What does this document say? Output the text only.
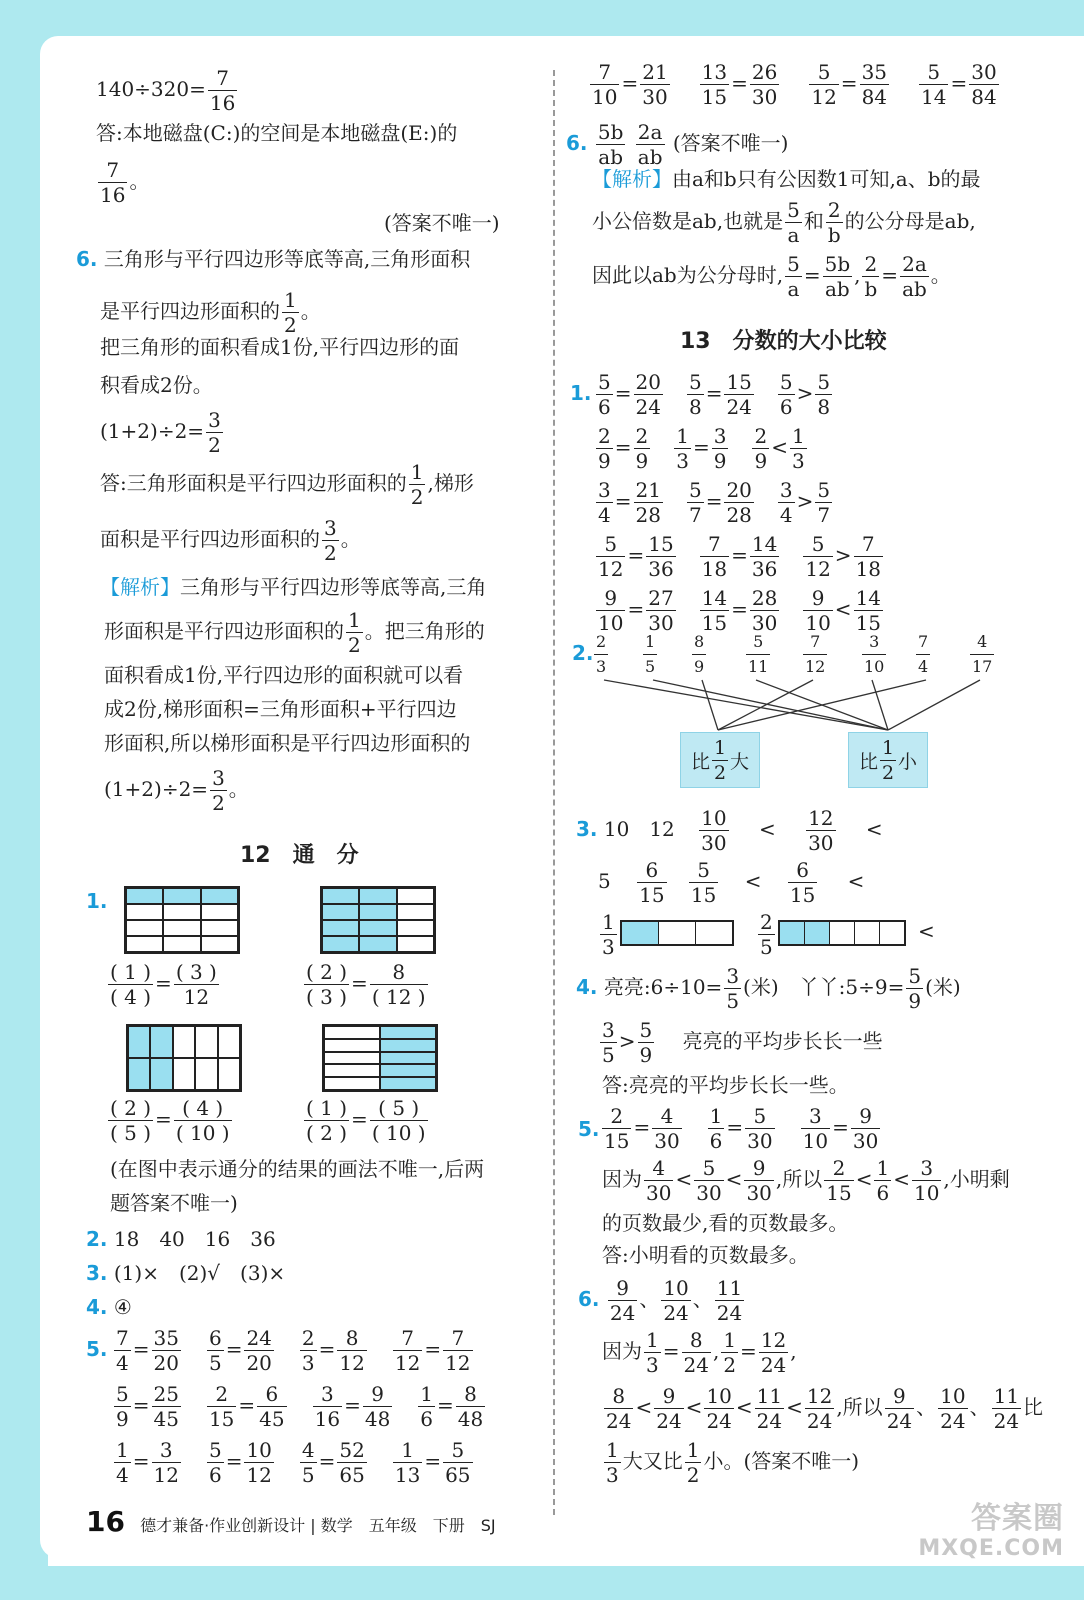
$140\div 320= \frac{7}{16}$
答:本地磁盘(C:)的空间是本地磁盘(E:)的
$\frac{7}{16}$ 。
(答案不唯一)
6. 三角形与平行四边形等底等高,三角形面积
是平行四边形面积的 $\frac{1}{2}$ 。
把三角形的面积看成1份,平行四边形的面
积看成2份。
$(1+2)\div 2= \frac{3}{2}$
答:三角形面积是平行四边形面积的 $\frac{1}{2}$ ,梯形
面积是平行四边形面积的 $\frac{3}{2}$ 。
【解析】三角形与平行四边形等底等高,三角
形面积是平行四边形面积的 $\frac{1}{2}$ 。把三角形的
面积看成1份,平行四边形的面积就可以看
成2份,梯形面积=三角形面积+平行四边
形面积,所以梯形面积是平行四边形面积的
$(1+2)\div 2= \frac{3}{2}$ 。
12　通　分
1.
$\frac{( 1 )}{( 4 )} = \frac{( 3 )}{12}$	$\frac{( 2 )}{( 3 )} = \frac{8}{( 12 )}$
$\frac{( 2 )}{( 5 )} = \frac{( 4 )}{( 10 )}$	$\frac{( 1 )}{( 2 )} = \frac{( 5 )}{( 10 )}$
(在图中表示通分的结果的画法不唯一,后两
题答案不唯一)
2. 18　40　16　36
3. (1)×　(2)√　(3)×
4. ④
5. $\frac{7}{4} = \frac{35}{20} \frac{6}{5} = \frac{24}{20} \frac{2}{3} = \frac{8}{12} \frac{7}{12} = \frac{7}{12}$
$\frac{5}{9} = \frac{25}{45} \frac{2}{15} = \frac{6}{45} \frac{3}{16} = \frac{9}{48} \frac{1}{6} = \frac{8}{48}$
$\frac{1}{4} = \frac{3}{12} \frac{5}{6} = \frac{10}{12} \frac{4}{5} = \frac{52}{65} \frac{1}{13} = \frac{5}{65}$
$\frac{7}{10} = \frac{21}{30} \frac{13}{15} = \frac{26}{30} \frac{5}{12} = \frac{35}{84} \frac{5}{14} = \frac{30}{84}$
6. $\frac{5b}{ab}$
$\frac{2a}{ab}$ (答案不唯一)
【解析】由a和b只有公因数1可知,a、b的最
小公倍数是ab,也就是 $\frac{5}{a}$ 和 $\frac{2}{b}$ 的公分母是ab,
因此以ab为公分母时, $\frac{5}{a} = \frac{5b}{ab}$ , $\frac{2}{b} = \frac{2a}{ab}$ 。
13　分数的大小比较
1. $\frac{5}{6} = \frac{20}{24} \frac{5}{8} = \frac{15}{24} \frac{5}{6} > \frac{5}{8}$
$\frac{2}{9} = \frac{2}{9} \frac{1}{3} = \frac{3}{9} \frac{2}{9} < \frac{1}{3}$
$\frac{3}{4} = \frac{21}{28} \frac{5}{7} = \frac{20}{28} \frac{3}{4} > \frac{5}{7}$
$\frac{5}{12} = \frac{15}{36} \frac{7}{18} = \frac{14}{36} \frac{5}{12} > \frac{7}{18}$
$\frac{9}{10} = \frac{27}{30} \frac{14}{15} = \frac{28}{30} \frac{9}{10} < \frac{14}{15}$
2. $\frac{2}{3} \frac{1}{5} \frac{8}{9} \frac{5}{11} \frac{7}{12} \frac{3}{10} \frac{7}{4} \frac{4}{17}$
比 $\frac{1}{2}$ 大	比 $\frac{1}{2}$ 小
3. 10　$12 \frac{10}{30} < \frac{12}{30}$ <
$5 \frac{6}{15}$
$\frac{5}{15} < \frac{6}{15}$ <
$\frac{1}{3}$	$\frac{2}{5}$	<
4. 亮亮:6÷10= $\frac{3}{5}$ (米)　丫丫:5÷9= $\frac{5}{9}$ (米)
$\frac{3}{5} > \frac{5}{9}$ 亮亮的平均步长长一些
答:亮亮的平均步长长一些。
5. $\frac{2}{15} = \frac{4}{30} \frac{1}{6} = \frac{5}{30} \frac{3}{10} = \frac{9}{30}$
因为 $\frac{4}{30} < \frac{5}{30} < \frac{9}{30}$ ,所以 $\frac{2}{15} < \frac{1}{6} < \frac{3}{10}$ ,小明剩
的页数最少,看的页数最多。
答:小明看的页数最多。
6. $\frac{9}{24}$ 、 $\frac{10}{24}$ 、 $\frac{11}{24}$
因为 $\frac{1}{3} = \frac{8}{24}$ , $\frac{1}{2} = \frac{12}{24}$ ,
$\frac{8}{24} < \frac{9}{24} < \frac{10}{24} < \frac{11}{24} < \frac{12}{24}$ ,所以 $\frac{9}{24}$ 、 $\frac{10}{24}$ 、 $\frac{11}{24}$ 比
$\frac{1}{3}$ 大又比 $\frac{1}{2}$ 小。(答案不唯一)
16 德才兼备·作业创新设计 | 数学　五年级　下册　SJ	答案圈
MXQE.COM
